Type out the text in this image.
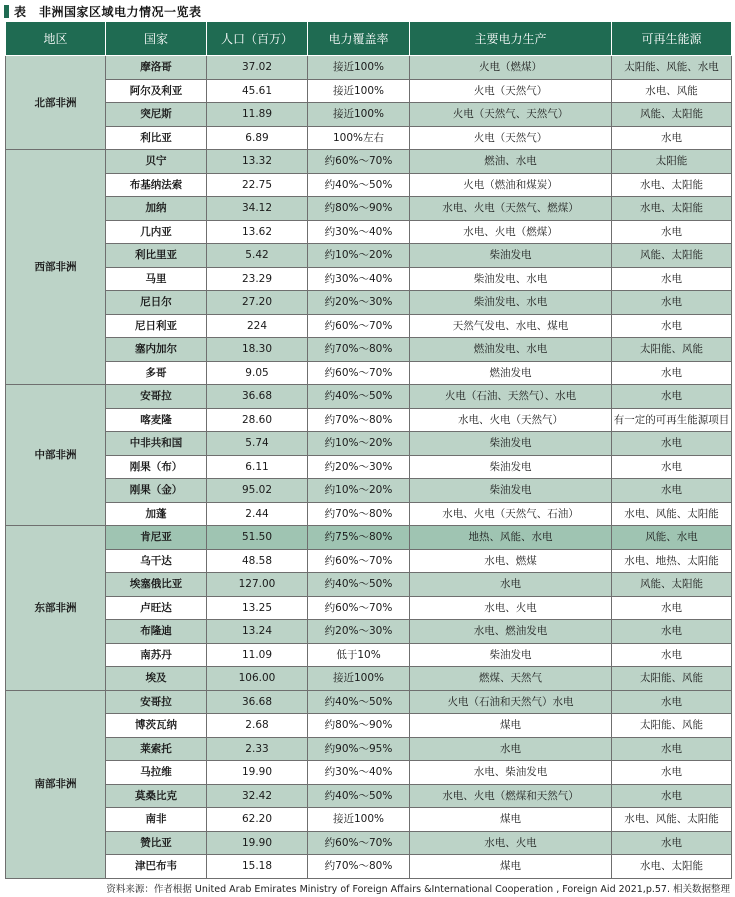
表　非洲国家区域电力情况一览表
地区	国家	人口（百万）	电力覆盖率	主要电力生产	可再生能源
北部非洲	摩洛哥	37.02	接近100%	火电（燃煤）	太阳能、风能、水电
	阿尔及利亚	45.61	接近100%	火电（天然气）	水电、风能
	突尼斯	11.89	接近100%	火电（天然气、天然气）	风能、太阳能
	利比亚	6.89	100%左右	火电（天然气）	水电
西部非洲	贝宁	13.32	约60%～70%	燃油、水电	太阳能
	布基纳法索	22.75	约40%～50%	火电（燃油和煤炭）	水电、太阳能
	加纳	34.12	约80%～90%	水电、火电（天然气、燃煤）	水电、太阳能
	几内亚	13.62	约30%～40%	水电、火电（燃煤）	水电
	利比里亚	5.42	约10%～20%	柴油发电	风能、太阳能
	马里	23.29	约30%～40%	柴油发电、水电	水电
	尼日尔	27.20	约20%～30%	柴油发电、水电	水电
	尼日利亚	224	约60%～70%	天然气发电、水电、煤电	水电
	塞内加尔	18.30	约70%～80%	燃油发电、水电	太阳能、风能
	多哥	9.05	约60%～70%	燃油发电	水电
中部非洲	安哥拉	36.68	约40%～50%	火电（石油、天然气）、水电	水电
	喀麦隆	28.60	约70%～80%	水电、火电（天然气）	有一定的可再生能源项目
	中非共和国	5.74	约10%～20%	柴油发电	水电
	刚果（布）	6.11	约20%～30%	柴油发电	水电
	刚果（金）	95.02	约10%～20%	柴油发电	水电
	加蓬	2.44	约70%～80%	水电、火电（天然气、石油）	水电、风能、太阳能
东部非洲	肯尼亚	51.50	约75%～80%	地热、风能、水电	风能、水电
	乌干达	48.58	约60%～70%	水电、燃煤	水电、地热、太阳能
	埃塞俄比亚	127.00	约40%～50%	水电	风能、太阳能
	卢旺达	13.25	约60%～70%	水电、火电	水电
	布隆迪	13.24	约20%～30%	水电、燃油发电	水电
	南苏丹	11.09	低于10%	柴油发电	水电
	埃及	106.00	接近100%	燃煤、天然气	太阳能、风能
南部非洲	安哥拉	36.68	约40%～50%	火电（石油和天然气）水电	水电
	博茨瓦纳	2.68	约80%～90%	煤电	太阳能、风能
	莱索托	2.33	约90%～95%	水电	水电
	马拉维	19.90	约30%～40%	水电、柴油发电	水电
	莫桑比克	32.42	约40%～50%	水电、火电（燃煤和天然气）	水电
	南非	62.20	接近100%	煤电	水电、风能、太阳能
	赞比亚	19.90	约60%～70%	水电、火电	水电
	津巴布韦	15.18	约70%～80%	煤电	水电、太阳能
资料来源：作者根据 United Arab Emirates Ministry of Foreign Affairs &International Cooperation , Foreign Aid 2021,p.57. 相关数据整理
